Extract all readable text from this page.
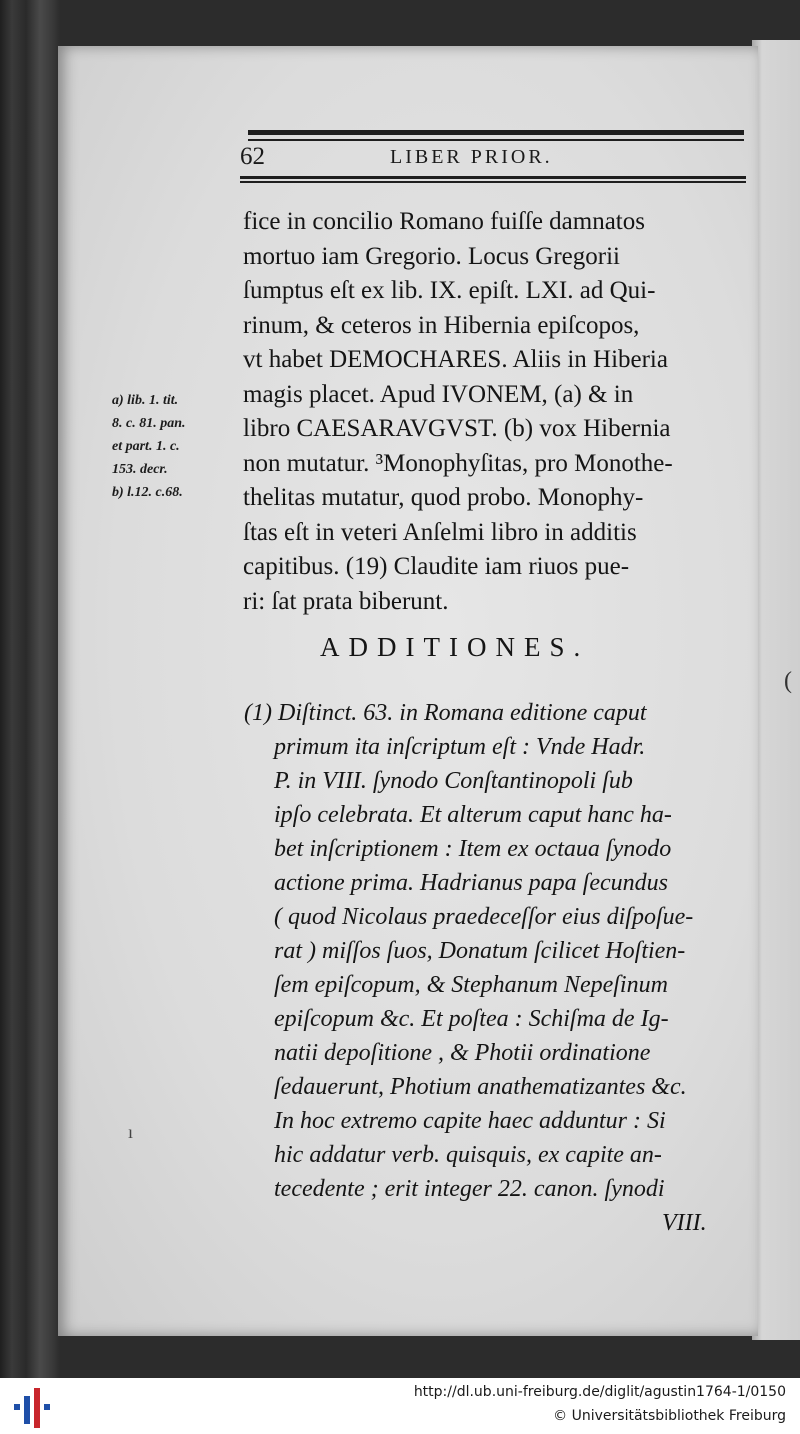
(
62	LIBER PRIOR.
fice in concilio Romano fuiſſe damnatos
mortuo iam Gregorio. Locus Gregorii
ſumptus eſt ex lib. IX. epiſt. LXI. ad Qui-
rinum, & ceteros in Hibernia epiſcopos,
vt habet DEMOCHARES. Aliis in Hiberia
magis placet. Apud IVONEM, (a) & in
libro CAESARAVGVST. (b) vox Hibernia
non mutatur. ³Monophyſitas, pro Monothe-
thelitas mutatur, quod probo. Monophy-
ſtas eſt in veteri Anſelmi libro in additis
capitibus. (19) Claudite iam riuos pue-
ri: ſat prata biberunt.
a) lib. 1. tit.
8. c. 81. pan.
et part. 1. c.
153. decr.
b) l.12. c.68.
ADDITIONES.
(1) Diſtinct. 63. in Romana editione caput
primum ita inſcriptum eſt : Vnde Hadr.
P. in VIII. ſynodo Conſtantinopoli ſub
ipſo celebrata. Et alterum caput hanc ha-
bet inſcriptionem : Item ex octaua ſynodo
actione prima. Hadrianus papa ſecundus
( quod Nicolaus praedeceſſor eius diſpoſue-
rat ) miſſos ſuos, Donatum ſcilicet Hoſtien-
ſem epiſcopum, & Stephanum Nepeſinum
epiſcopum &c. Et poſtea : Schiſma de Ig-
natii depoſitione , & Photii ordinatione
ſedauerunt, Photium anathematizantes &c.
In hoc extremo capite haec adduntur : Si
hic addatur verb. quisquis, ex capite an-
tecedente ; erit integer 22. canon. ſynodi
VIII.
ı
http://dl.ub.uni-freiburg.de/diglit/agustin1764-1/0150
© Universitätsbibliothek Freiburg
